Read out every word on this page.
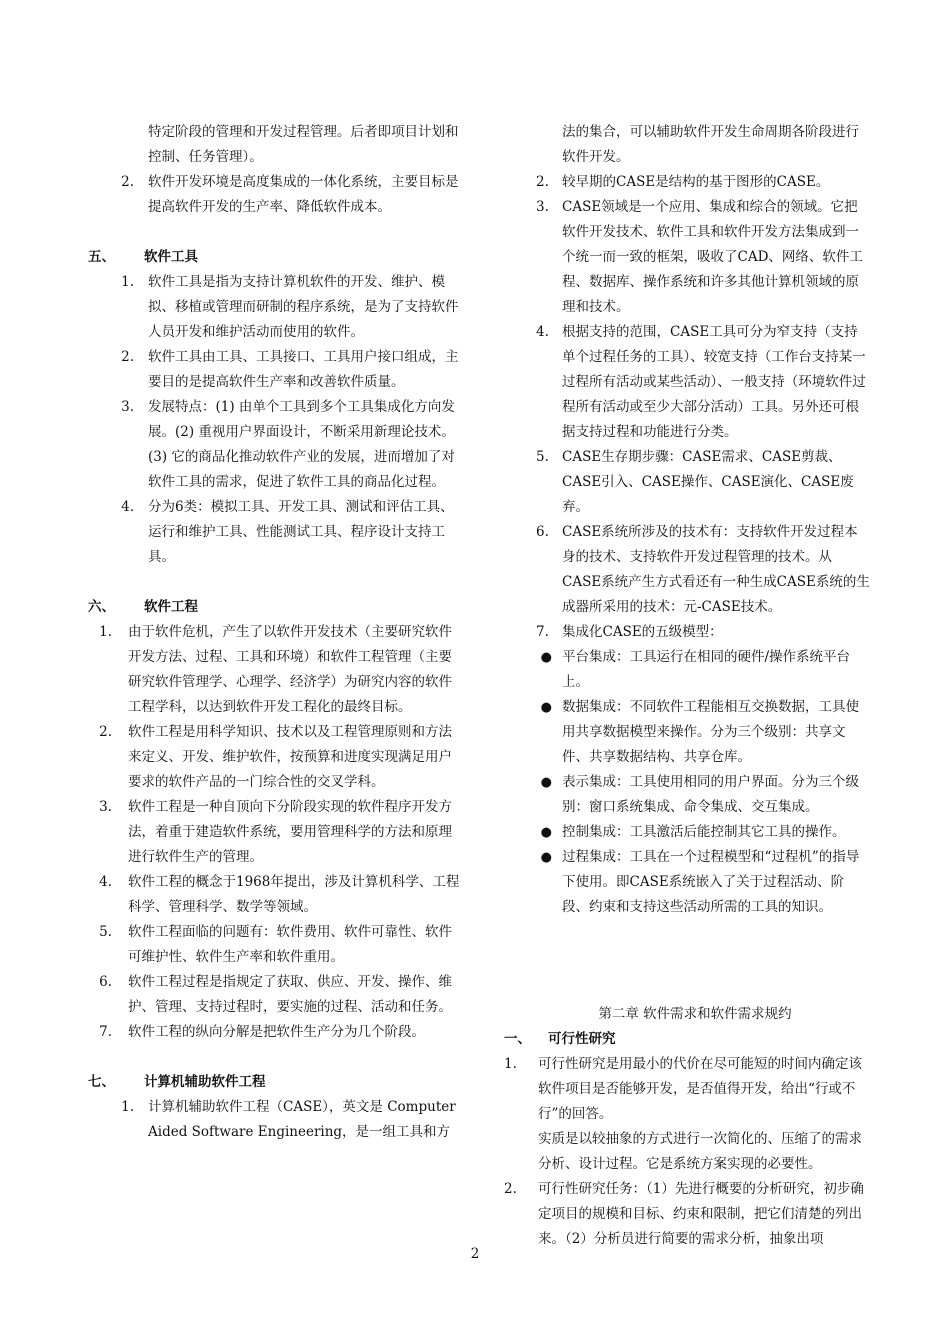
特定阶段的管理和开发过程管理。后者即项目计划和控制、任务管理）。
2. 软件开发环境是高度集成的一体化系统，主要目标是提高软件开发的生产率、降低软件成本。
五、 软件工具
1. 软件工具是指为支持计算机软件的开发、维护、模拟、移植或管理而研制的程序系统，是为了支持软件人员开发和维护活动而使用的软件。
2. 软件工具由工具、工具接口、工具用户接口组成，主要目的是提高软件生产率和改善软件质量。
3. 发展特点：(1) 由单个工具到多个工具集成化方向发展。(2) 重视用户界面设计，不断采用新理论技术。(3) 它的商品化推动软件产业的发展，进而增加了对软件工具的需求，促进了软件工具的商品化过程。
4. 分为6类：模拟工具、开发工具、测试和评估工具、运行和维护工具、性能测试工具、程序设计支持工具。
六、 软件工程
1. 由于软件危机，产生了以软件开发技术（主要研究软件开发方法、过程、工具和环境）和软件工程管理（主要研究软件管理学、心理学、经济学）为研究内容的软件工程学科，以达到软件开发工程化的最终目标。
2. 软件工程是用科学知识、技术以及工程管理原则和方法来定义、开发、维护软件，按预算和进度实现满足用户要求的软件产品的一门综合性的交叉学科。
3. 软件工程是一种自顶向下分阶段实现的软件程序开发方法，着重于建造软件系统，要用管理科学的方法和原理进行软件生产的管理。
4. 软件工程的概念于1968年提出，涉及计算机科学、工程科学、管理科学、数学等领域。
5. 软件工程面临的问题有：软件费用、软件可靠性、软件可维护性、软件生产率和软件重用。
6. 软件工程过程是指规定了获取、供应、开发、操作、维护、管理、支持过程时，要实施的过程、活动和任务。
7. 软件工程的纵向分解是把软件生产分为几个阶段。
七、 计算机辅助软件工程
1. 计算机辅助软件工程（CASE），英文是 Computer Aided Software Engineering，是一组工具和方
法的集合，可以辅助软件开发生命周期各阶段进行软件开发。
2. 较早期的CASE是结构的基于图形的CASE。
3. CASE领域是一个应用、集成和综合的领域。它把软件开发技术、软件工具和软件开发方法集成到一个统一而一致的框架，吸收了CAD、网络、软件工程、数据库、操作系统和许多其他计算机领域的原理和技术。
4. 根据支持的范围，CASE工具可分为窄支持（支持单个过程任务的工具）、较宽支持（工作台支持某一过程所有活动或某些活动）、一般支持（环境软件过程所有活动或至少大部分活动）工具。另外还可根据支持过程和功能进行分类。
5. CASE生存期步骤：CASE需求、CASE剪裁、CASE引入、CASE操作、CASE演化、CASE废弃。
6. CASE系统所涉及的技术有：支持软件开发过程本身的技术、支持软件开发过程管理的技术。从CASE系统产生方式看还有一种生成CASE系统的生成器所采用的技术：元-CASE技术。
7. 集成化CASE的五级模型：
● 平台集成：工具运行在相同的硬件/操作系统平台上。
● 数据集成：不同软件工程能相互交换数据，工具使用共享数据模型来操作。分为三个级别：共享文件、共享数据结构、共享仓库。
● 表示集成：工具使用相同的用户界面。分为三个级别：窗口系统集成、命令集成、交互集成。
● 控制集成：工具激活后能控制其它工具的操作。
● 过程集成：工具在一个过程模型和“过程机”的指导下使用。即CASE系统嵌入了关于过程活动、阶段、约束和支持这些活动所需的工具的知识。
第二章 软件需求和软件需求规约
一、 可行性研究
1. 可行性研究是用最小的代价在尽可能短的时间内确定该软件项目是否能够开发，是否值得开发，给出“行或不行”的回答。
实质是以较抽象的方式进行一次简化的、压缩了的需求分析、设计过程。它是系统方案实现的必要性。
2. 可行性研究任务：（1）先进行概要的分析研究，初步确定项目的规模和目标、约束和限制，把它们清楚的列出来。（2）分析员进行简要的需求分析，抽象出项
2
